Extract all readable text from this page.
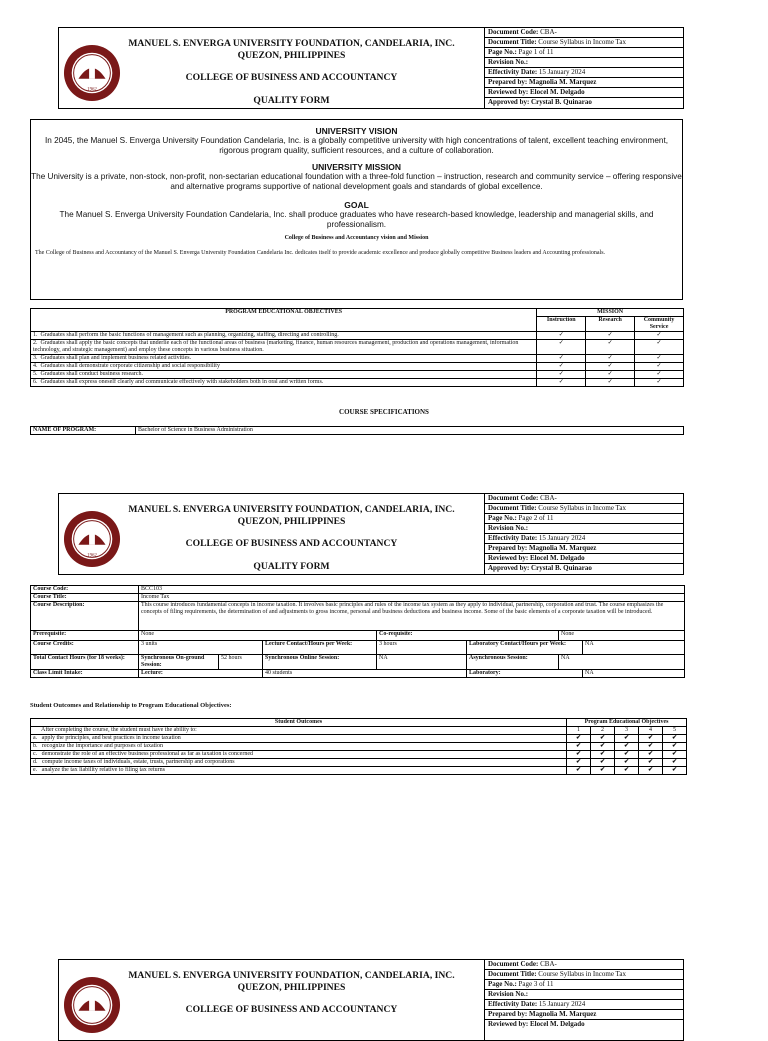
1962
MANUEL S. ENVERGA UNIVERSITY FOUNDATION, CANDELARIA, INC.
QUEZON, PHILIPPINES
COLLEGE OF BUSINESS AND ACCOUNTANCY
QUALITY FORM
Document Code: CBA-
Document Title: Course Syllabus in Income Tax
Page No.: Page 1 of 11
Revision No.:
Effectivity Date: 15 January 2024
Prepared by: Magnolia M. Marquez
Reviewed by: Elocel M. Delgado
Approved by: Crystal B. Quinarao
UNIVERSITY VISION

In 2045, the Manuel S. Enverga University Foundation Candelaria, Inc. is a globally competitive university with high concentrations of talent, excellent teaching environment, rigorous program quality, sufficient resources, and a culture of collaboration.

UNIVERSITY MISSION

The University is a private, non-stock, non-profit, non-sectarian educational foundation with a three-fold function – instruction, research and community service – offering responsive and alternative programs supportive of national development goals and standards of global excellence.

GOAL

The Manuel S. Enverga University Foundation Candelaria, Inc. shall produce graduates who have research-based knowledge, leadership and managerial skills, and professionalism.

College of Business and Accountancy vision and Mission
The College of Business and Accountancy of the Manuel S. Enverga University Foundation Candelaria Inc. dedicates itself to provide academic excellence and produce globally competitive Business leaders and Accounting professionals.
PROGRAM EDUCATIONAL OBJECTIVES	MISSION		
	Instruction	Research	Community Service
1. Graduates shall perform the basic functions of management such as planning, organizing, staffing, directing and controlling.	✓	✓	✓
2. Graduates shall apply the basic concepts that underlie each of the functional areas of business (marketing, finance, human resources management, production and operations management, information technology, and strategic management) and employ these concepts in various business situation.	✓	✓	✓
3. Graduates shall plan and implement business related activities.	✓	✓	✓
4. Graduates shall demonstrate corporate citizenship and social responsibility	✓	✓	✓
5. Graduates shall conduct business research.	✓	✓	✓
6. Graduates shall express oneself clearly and communicate effectively with stakeholders both in oral and written forms.	✓	✓	✓
COURSE SPECIFICATIONS
NAME OF PROGRAM:	Bachelor of Science in Business Administration
1962
MANUEL S. ENVERGA UNIVERSITY FOUNDATION, CANDELARIA, INC.
QUEZON, PHILIPPINES
COLLEGE OF BUSINESS AND ACCOUNTANCY
QUALITY FORM
Document Code: CBA-
Document Title: Course Syllabus in Income Tax
Page No.: Page 2 of 11
Revision No.:
Effectivity Date: 15 January 2024
Prepared by: Magnolia M. Marquez
Reviewed by: Elocel M. Delgado
Approved by: Crystal B. Quinarao
Course Code:	BCC103						
Course Title:	Income Tax						
Course Description:	This course introduces fundamental concepts in income taxation. It involves basic principles and rules of the income tax system as they apply to individual, partnership, corporation and trust. The course emphasizes the concepts of filing requirements, the determination of and adjustments to gross income, personal and business deductions and business income. Some of the basic elements of a corporate taxation will be introduced.						
Prerequisite:	None			Co-requisite:		None	
Course Credits:	3 units		Lecture Contact/Hours per Week:	3 hours	Laboratory Contact/Hours per Week:		NA
Total Contact Hours (for 18 weeks):	Synchronous On-ground Session:	52 hours	Synchronous Online Session:	NA	Asynchronous Session:	NA	
Class Limit Intake:	Lecture:		40 students		Laboratory:		NA
Student Outcomes and Relationship to Program Educational Objectives:
Student Outcomes	Program Educational Objectives				
After completing the course, the student must have the ability to:	1	2	3	4	5
a. apply the principles, and best practices in income taxation	✔	✔	✔	✔	✔
b. recognize the importance and purposes of taxation	✔	✔	✔	✔	✔
c. demonstrate the role of an effective business professional as far as taxation is concerned	✔	✔	✔	✔	✔
d. compute income taxes of individuals, estate, trusts, partnership and corporations	✔	✔	✔	✔	✔
e. analyze the tax liability relative to filing tax returns	✔	✔	✔	✔	✔
MANUEL S. ENVERGA UNIVERSITY FOUNDATION, CANDELARIA, INC.
QUEZON, PHILIPPINES
COLLEGE OF BUSINESS AND ACCOUNTANCY
Document Code: CBA-
Document Title: Course Syllabus in Income Tax
Page No.: Page 3 of 11
Revision No.:
Effectivity Date: 15 January 2024
Prepared by: Magnolia M. Marquez
Reviewed by: Elocel M. Delgado
